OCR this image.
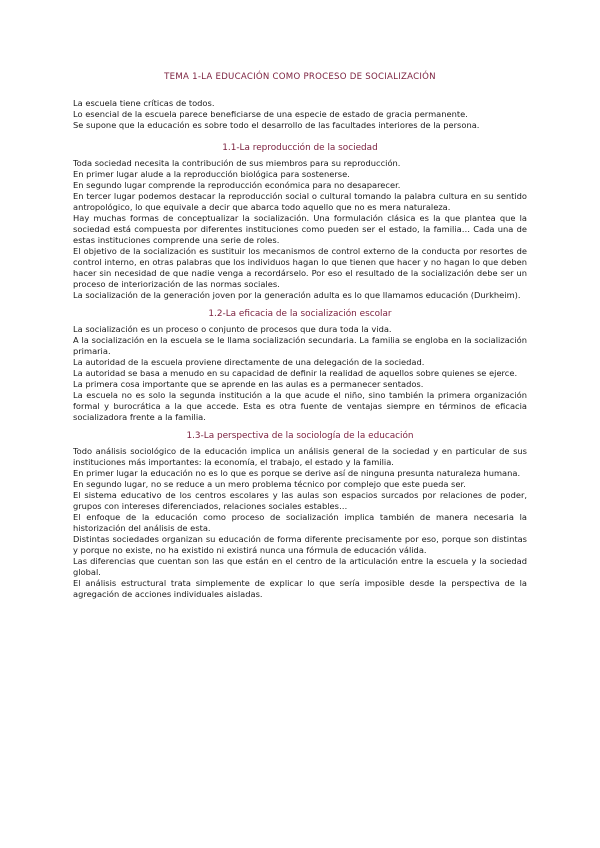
TEMA 1-LA EDUCACIÓN COMO PROCESO DE SOCIALIZACIÓN

La escuela tiene críticas de todos.

Lo esencial de la escuela parece beneficiarse de una especie de estado de gracia permanente.

Se supone que la educación es sobre todo el desarrollo de las facultades interiores de la persona.

1.1-La reproducción de la sociedad

Toda sociedad necesita la contribución de sus miembros para su reproducción.

En primer lugar alude a la reproducción biológica para sostenerse.

En segundo lugar comprende la reproducción económica para no desaparecer.

En tercer lugar podemos destacar la reproducción social o cultural tomando la palabra cultura en su sentido antropológico, lo que equivale a decir que abarca todo aquello que no es mera naturaleza.

Hay muchas formas de conceptualizar la socialización. Una formulación clásica es la que plantea que la sociedad está compuesta por diferentes instituciones como pueden ser el estado, la familia… Cada una de estas instituciones comprende una serie de roles.

El objetivo de la socialización es sustituir los mecanismos de control externo de la conducta por resortes de control interno, en otras palabras que los individuos hagan lo que tienen que hacer y no hagan lo que deben hacer sin necesidad de que nadie venga a recordárselo. Por eso el resultado de la socialización debe ser un proceso de interiorización de las normas sociales.

La socialización de la generación joven por la generación adulta es lo que llamamos educación (Durkheim).

1.2-La eficacia de la socialización escolar

La socialización es un proceso o conjunto de procesos que dura toda la vida.

A la socialización en la escuela se le llama socialización secundaria. La familia se engloba en la socialización primaria.

La autoridad de la escuela proviene directamente de una delegación de la sociedad.

La autoridad se basa a menudo en su capacidad de definir la realidad de aquellos sobre quienes se ejerce.

La primera cosa importante que se aprende en las aulas es a permanecer sentados.

La escuela no es solo la segunda institución a la que acude el niño, sino también la primera organización formal y burocrática a la que accede. Esta es otra fuente de ventajas siempre en términos de eficacia socializadora frente a la familia.

1.3-La perspectiva de la sociología de la educación

Todo análisis sociológico de la educación implica un análisis general de la sociedad y en particular de sus instituciones más importantes: la economía, el trabajo, el estado y la familia.

En primer lugar la educación no es lo que es porque se derive así de ninguna presunta naturaleza humana.

En segundo lugar, no se reduce a un mero problema técnico por complejo que este pueda ser.

El sistema educativo de los centros escolares y las aulas son espacios surcados por relaciones de poder, grupos con intereses diferenciados, relaciones sociales estables…

El enfoque de la educación como proceso de socialización implica también de manera necesaria la historización del análisis de esta.

Distintas sociedades organizan su educación de forma diferente precisamente por eso, porque son distintas y porque no existe, no ha existido ni existirá nunca una fórmula de educación válida.

Las diferencias que cuentan son las que están en el centro de la articulación entre la escuela y la sociedad global.

El análisis estructural trata simplemente de explicar lo que sería imposible desde la perspectiva de la agregación de acciones individuales aisladas.
